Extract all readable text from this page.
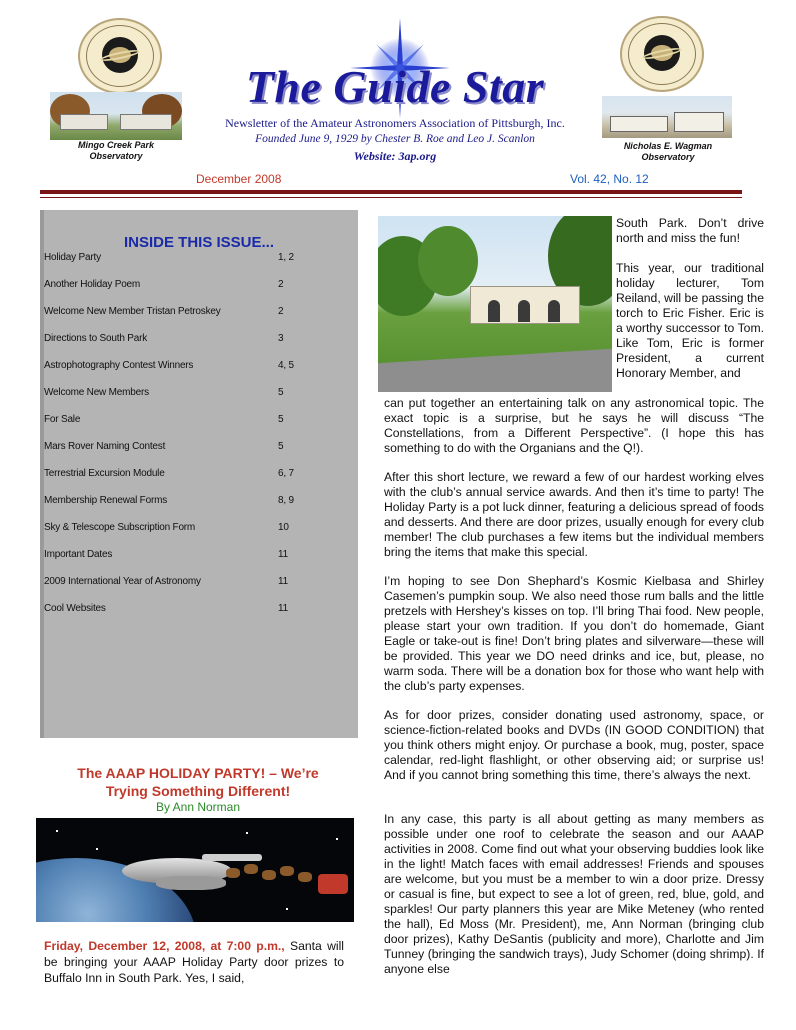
Mingo Creek Park
Observatory
Nicholas E. Wagman
Observatory
The Guide Star
Newsletter of the Amateur Astronomers Association of Pittsburgh, Inc.
Founded June 9, 1929 by Chester B. Roe and Leo J. Scanlon
Website: 3ap.org
December 2008	Vol. 42, No. 12
INSIDE THIS ISSUE...
Holiday Party	1, 2
Another Holiday Poem	2
Welcome New Member Tristan Petroskey	2
Directions to South Park	3
Astrophotography Contest Winners	4, 5
Welcome New Members	5
For Sale	5
Mars Rover Naming Contest	5
Terrestrial Excursion Module	6, 7
Membership Renewal Forms	8, 9
Sky & Telescope Subscription Form	10
Important Dates	11
2009 International Year of Astronomy	11
Cool Websites	11
The AAAP HOLIDAY PARTY! – We’re
Trying Something Different!
By Ann Norman
Friday, December 12, 2008, at 7:00 p.m., Santa will be bringing your AAAP Holiday Party door prizes to Buffalo Inn in South Park. Yes, I said,
South Park. Don’t drive north and miss the fun!
This year, our traditional holiday lecturer, Tom Reiland, will be passing the torch to Eric Fisher. Eric is a worthy successor to Tom. Like Tom, Eric is former President, a current Honorary Member, and
can put together an entertaining talk on any astronomical topic. The exact topic is a surprise, but he says he will discuss “The Constellations, from a Different Perspective”. (I hope this has something to do with the Organians and the Q!).
After this short lecture, we reward a few of our hardest working elves with the club’s annual service awards. And then it’s time to party! The Holiday Party is a pot luck dinner, featuring a delicious spread of foods and desserts. And there are door prizes, usually enough for every club member! The club purchases a few items but the individual members bring the items that make this special.
I’m hoping to see Don Shephard’s Kosmic Kielbasa and Shirley Casemen’s pumpkin soup. We also need those rum balls and the little pretzels with Hershey’s kisses on top. I’ll bring Thai food. New people, please start your own tradition. If you don’t do homemade, Giant Eagle or take-out is fine! Don’t bring plates and silverware—these will be provided. This year we DO need drinks and ice, but, please, no warm soda. There will be a donation box for those who want help with the club’s party expenses.
As for door prizes, consider donating used astronomy, space, or science-fiction-related books and DVDs (IN GOOD CONDITION) that you think others might enjoy. Or purchase a book, mug, poster, space calendar, red-light flashlight, or other observing aid; or surprise us! And if you cannot bring something this time, there’s always the next.
In any case, this party is all about getting as many members as possible under one roof to celebrate the season and our AAAP activities in 2008. Come find out what your observing buddies look like in the light! Match faces with email addresses! Friends and spouses are welcome, but you must be a member to win a door prize. Dressy or casual is fine, but expect to see a lot of green, red, blue, gold, and sparkles! Our party planners this year are Mike Meteney (who rented the hall), Ed Moss (Mr. President), me, Ann Norman (bringing club door prizes), Kathy DeSantis (publicity and more), Charlotte and Jim Tunney (bringing the sandwich trays), Judy Schomer (doing shrimp). If anyone else
